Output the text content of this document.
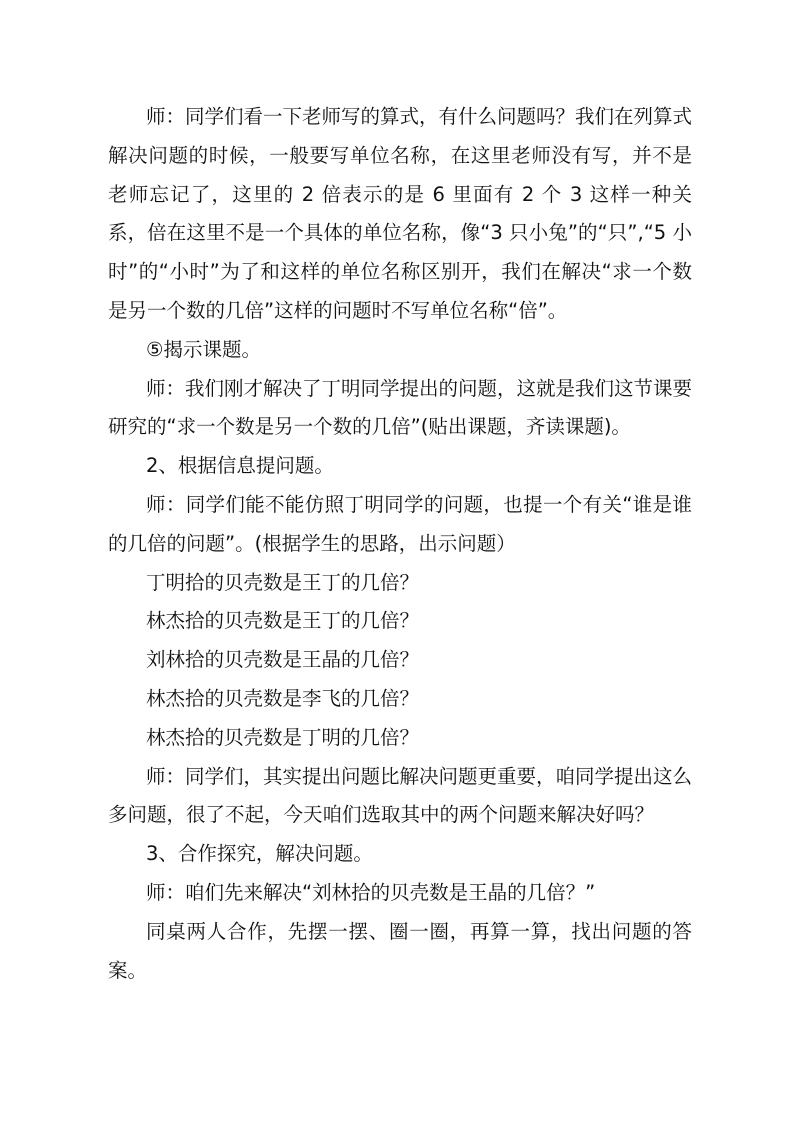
师：同学们看一下老师写的算式，有什么问题吗？我们在列算式解决问题的时候，一般要写单位名称，在这里老师没有写，并不是老师忘记了，这里的 2 倍表示的是 6 里面有 2 个 3 这样一种关系，倍在这里不是一个具体的单位名称，像“3 只小兔”的“只”,“5 小时”的“小时”为了和这样的单位名称区别开，我们在解决“求一个数是另一个数的几倍”这样的问题时不写单位名称“倍”。

⑤揭示课题。

师：我们刚才解决了丁明同学提出的问题，这就是我们这节课要研究的“求一个数是另一个数的几倍”(贴出课题，齐读课题)。

2、根据信息提问题。

师：同学们能不能仿照丁明同学的问题，也提一个有关“谁是谁的几倍的问题”。(根据学生的思路，出示问题）

丁明拾的贝壳数是王丁的几倍？

林杰拾的贝壳数是王丁的几倍？

刘林拾的贝壳数是王晶的几倍？

林杰拾的贝壳数是李飞的几倍？

林杰拾的贝壳数是丁明的几倍？

师：同学们，其实提出问题比解决问题更重要，咱同学提出这么多问题，很了不起，今天咱们选取其中的两个问题来解决好吗？

3、合作探究，解决问题。

师：咱们先来解决“刘林拾的贝壳数是王晶的几倍？”

同桌两人合作，先摆一摆、圈一圈，再算一算，找出问题的答案。
